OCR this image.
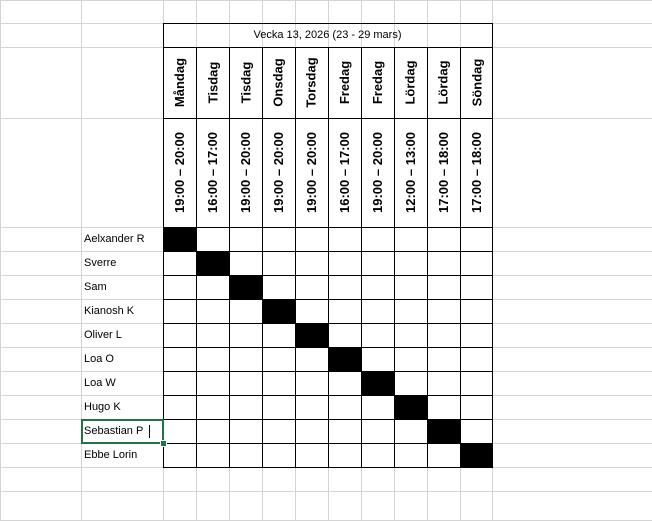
Vecka 13, 2026 (23 - 29 mars)
Måndag Tisdag Tisdag Onsdag Torsdag Fredag Fredag Lördag Lördag Söndag
19:00 – 20:00 16:00 – 17:00 19:00 – 20:00 19:00 – 20:00 19:00 – 20:00 16:00 – 17:00 19:00 – 20:00 12:00 – 13:00 17:00 – 18:00 17:00 – 18:00
Aelxander R
Sverre
Sam
Kianosh K
Oliver L
Loa O
Loa W
Hugo K
Sebastian P
Ebbe Lorin
